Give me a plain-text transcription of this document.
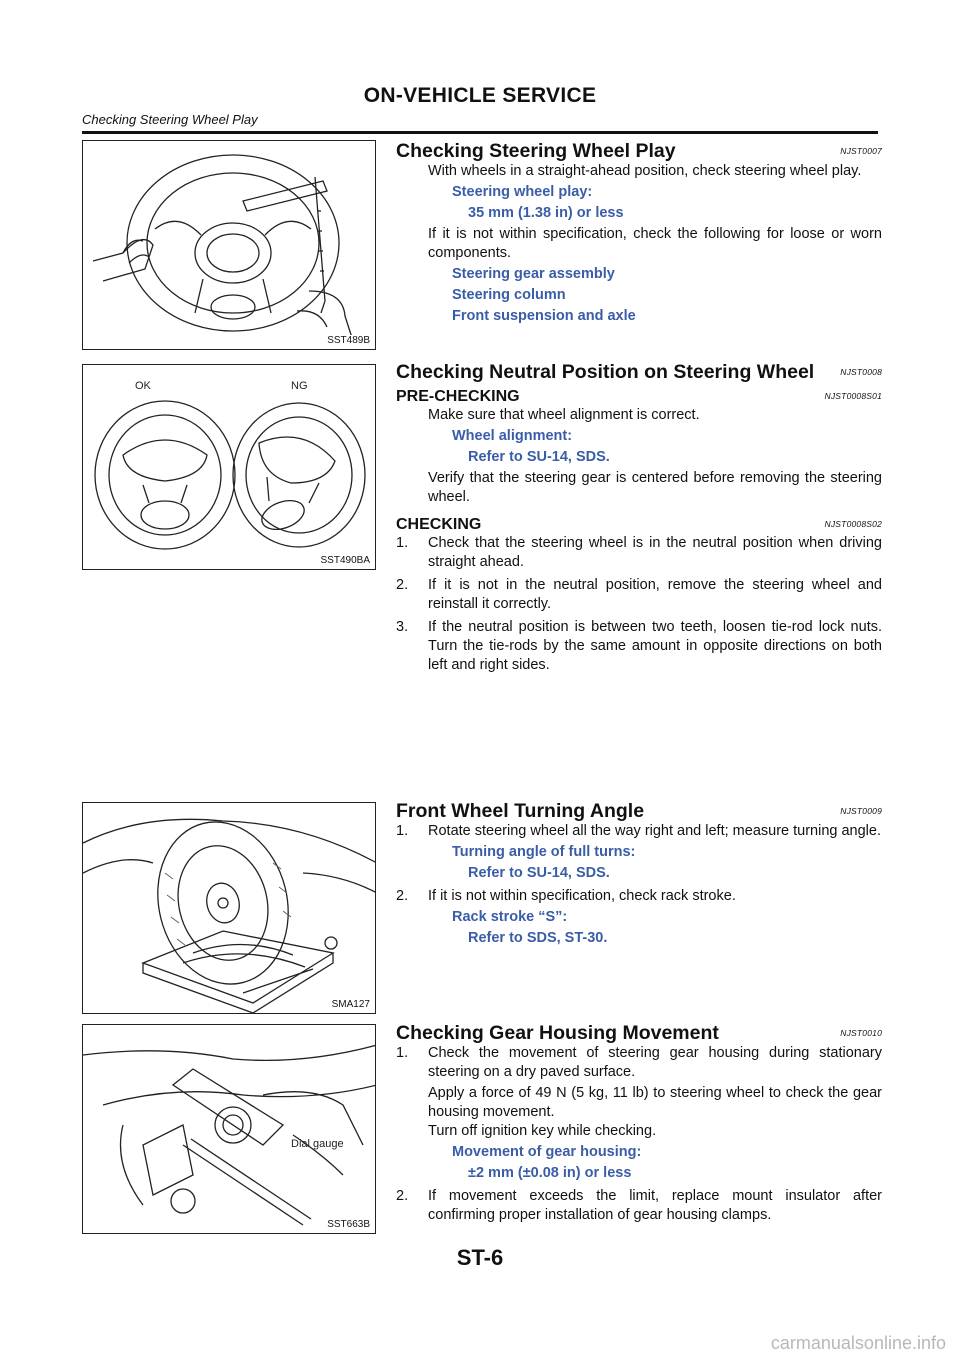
ON-VEHICLE SERVICE
Checking Steering Wheel Play
SST489B
OK	NG
SST490BA
SMA127
Dial gauge
SST663B
Checking Steering Wheel Play	NJST0007

With wheels in a straight-ahead position, check steering wheel play.

Steering wheel play:
35 mm (1.38 in) or less

If it is not within specification, check the following for loose or worn components.

Steering gear assembly
Steering column
Front suspension and axle
Checking Neutral Position on Steering Wheel	NJST0008
PRE-CHECKING	NJST0008S01

Make sure that wheel alignment is correct.

Wheel alignment:
Refer to SU-14, SDS.

Verify that the steering gear is centered before removing the steering wheel.

CHECKING	NJST0008S02
1. Check that the steering wheel is in the neutral position when driving straight ahead.
2. If it is not in the neutral position, remove the steering wheel and reinstall it correctly.
3. If the neutral position is between two teeth, loosen tie-rod lock nuts. Turn the tie-rods by the same amount in opposite directions on both left and right sides.
Front Wheel Turning Angle	NJST0009
1. Rotate steering wheel all the way right and left; measure turning angle.
Turning angle of full turns:
Refer to SU-14, SDS.
2. If it is not within specification, check rack stroke.
Rack stroke “S”:
Refer to SDS, ST-30.
Checking Gear Housing Movement	NJST0010
1. Check the movement of steering gear housing during stationary steering on a dry paved surface.

Apply a force of 49 N (5 kg, 11 lb) to steering wheel to check the gear housing movement.

Turn off ignition key while checking.

Movement of gear housing:
±2 mm (±0.08 in) or less
2. If movement exceeds the limit, replace mount insulator after confirming proper installation of gear housing clamps.
ST-6
carmanualsonline.info
